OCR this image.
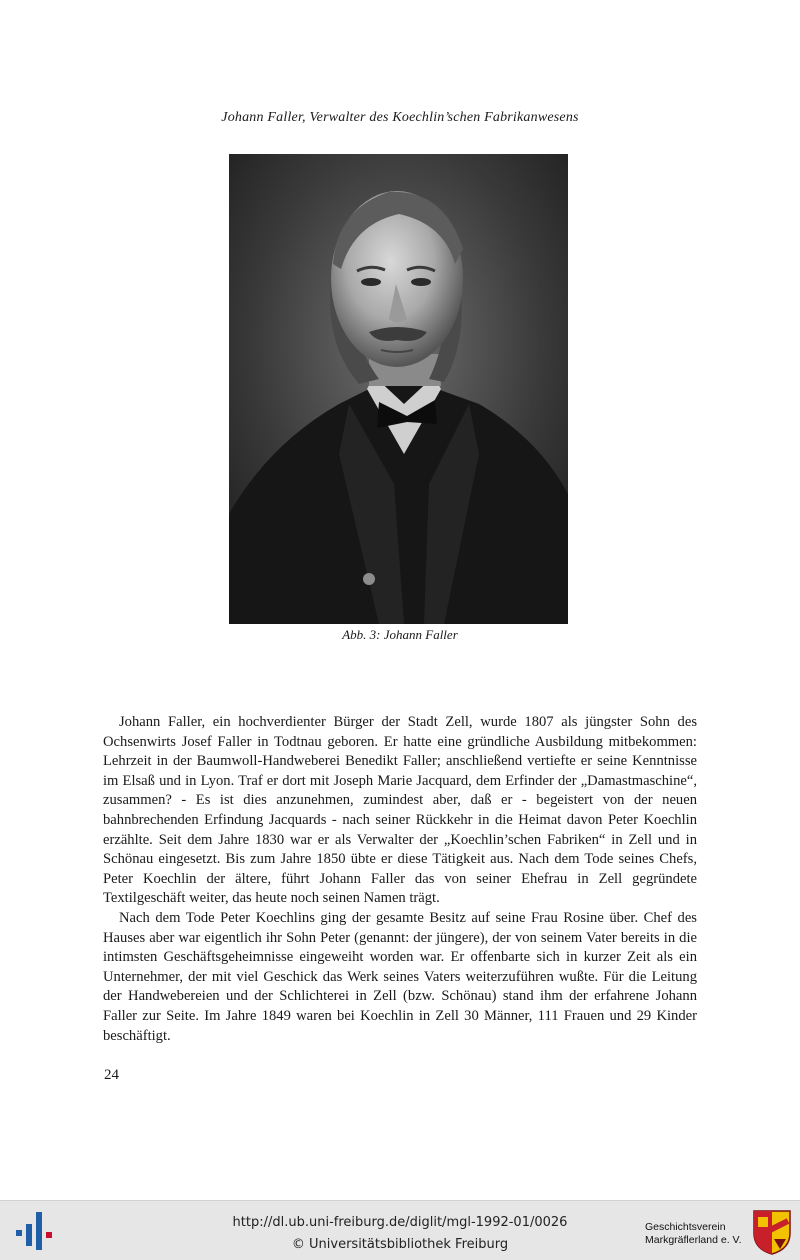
Johann Faller, Verwalter des Koechlin’schen Fabrikanwesens
Abb. 3: Johann Faller

Johann Faller, ein hochverdienter Bürger der Stadt Zell, wurde 1807 als jüngster Sohn des Ochsenwirts Josef Faller in Todtnau geboren. Er hatte eine gründliche Ausbildung mitbekommen: Lehrzeit in der Baumwoll-Handweberei Benedikt Faller; anschließend vertiefte er seine Kenntnisse im Elsaß und in Lyon. Traf er dort mit Joseph Marie Jacquard, dem Erfinder der „Damastmaschine“, zusammen? - Es ist dies anzunehmen, zumindest aber, daß er - begeistert von der neuen bahnbrechenden Erfindung Jacquards - nach seiner Rückkehr in die Heimat davon Peter Koechlin erzählte. Seit dem Jahre 1830 war er als Verwalter der „Koechlin’schen Fabriken“ in Zell und in Schönau eingesetzt. Bis zum Jahre 1850 übte er diese Tätigkeit aus. Nach dem Tode seines Chefs, Peter Koechlin der ältere, führt Johann Faller das von seiner Ehefrau in Zell gegründete Textilgeschäft weiter, das heute noch seinen Namen trägt.

Nach dem Tode Peter Koechlins ging der gesamte Besitz auf seine Frau Rosine über. Chef des Hauses aber war eigentlich ihr Sohn Peter (genannt: der jüngere), der von seinem Vater bereits in die intimsten Geschäftsgeheimnisse eingeweiht worden war. Er offenbarte sich in kurzer Zeit als ein Unternehmer, der mit viel Geschick das Werk seines Vaters weiterzuführen wußte. Für die Leitung der Handwebereien und der Schlichterei in Zell (bzw. Schönau) stand ihm der erfahrene Johann Faller zur Seite. Im Jahre 1849 waren bei Koechlin in Zell 30 Männer, 111 Frauen und 29 Kinder beschäftigt.

24
http://dl.ub.uni-freiburg.de/diglit/mgl-1992-01/0026
© Universitätsbibliothek Freiburg
Geschichtsverein
Markgräflerland e. V.
